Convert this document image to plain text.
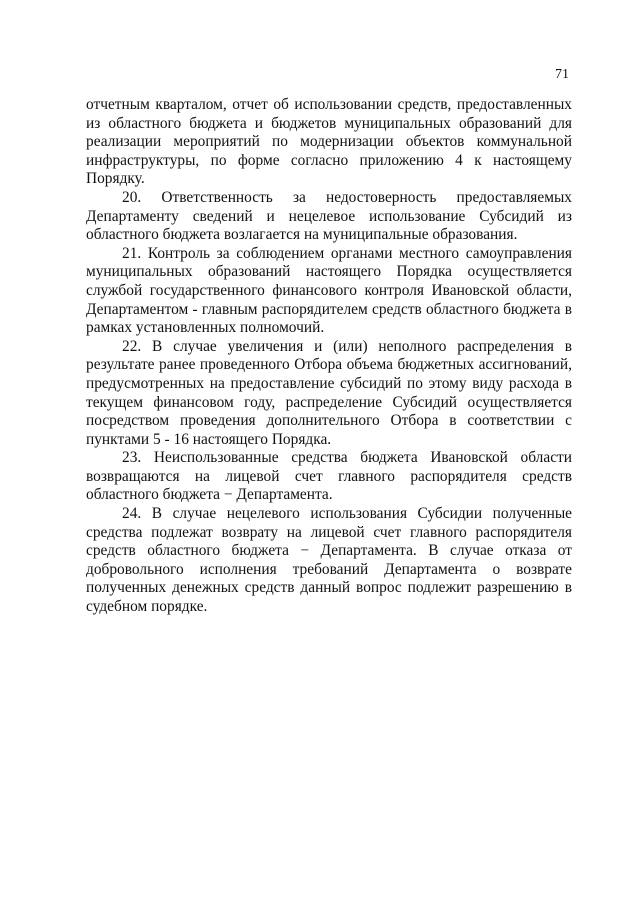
71

отчетным кварталом, отчет об использовании средств, предоставленных из областного бюджета и бюджетов муниципальных образований для реализации мероприятий по модернизации объектов коммунальной инфраструктуры, по форме согласно приложению 4 к настоящему Порядку.

20. Ответственность за недостоверность предоставляемых Департаменту сведений и нецелевое использование Субсидий из областного бюджета возлагается на муниципальные образования.

21. Контроль за соблюдением органами местного самоуправления муниципальных образований настоящего Порядка осуществляется службой государственного финансового контроля Ивановской области, Департаментом - главным распорядителем средств областного бюджета в рамках установленных полномочий.

22. В случае увеличения и (или) неполного распределения в результате ранее проведенного Отбора объема бюджетных ассигнований, предусмотренных на предоставление субсидий по этому виду расхода в текущем финансовом году, распределение Субсидий осуществляется посредством проведения дополнительного Отбора в соответствии с пунктами 5 - 16 настоящего Порядка.

23. Неиспользованные средства бюджета Ивановской области возвращаются на лицевой счет главного распорядителя средств областного бюджета − Департамента.

24. В случае нецелевого использования Субсидии полученные средства подлежат возврату на лицевой счет главного распорядителя средств областного бюджета − Департамента. В случае отказа от добровольного исполнения требований Департамента о возврате полученных денежных средств данный вопрос подлежит разрешению в судебном порядке.
